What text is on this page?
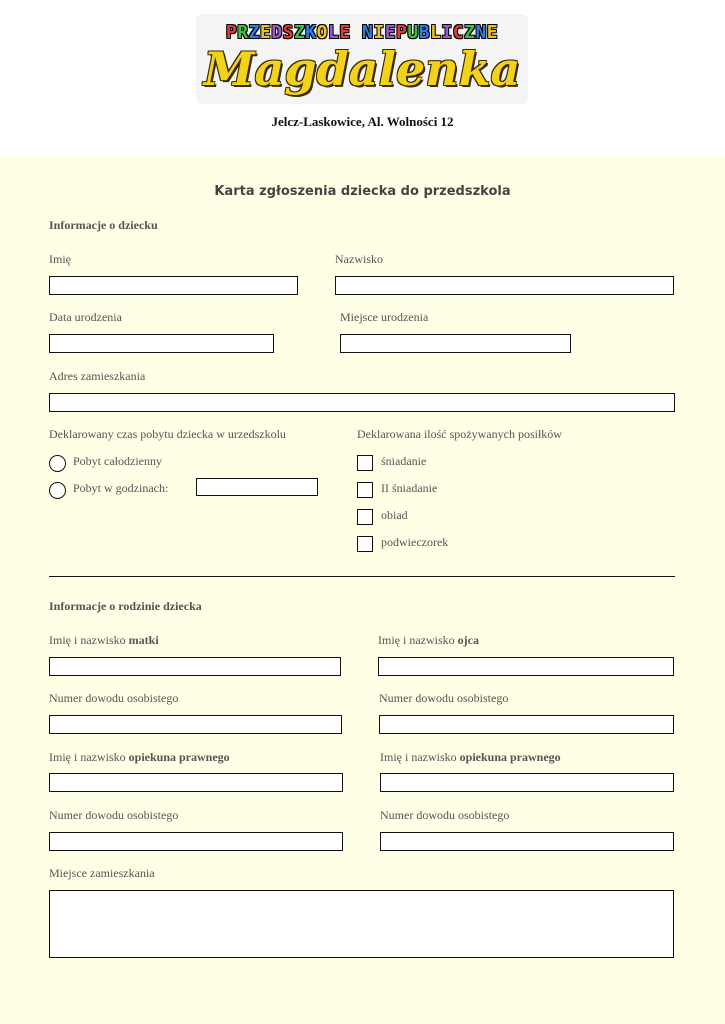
PRZEDSZKOLE NIEPUBLICZNE
Magdalenka
Jelcz-Laskowice, Al. Wolności 12
Karta zgłoszenia dziecka do przedszkola
Informacje o dziecku
Imię	Nazwisko
Data urodzenia	Miejsce urodzenia
Adres zamieszkania
Deklarowany czas pobytu dziecka w urzedszkolu
Pobyt całodzienny
Pobyt w godzinach:
Deklarowana ilość spożywanych posiłków
śniadanie
II śniadanie
obiad
podwieczorek
Informacje o rodzinie dziecka
Imię i nazwisko matki	Imię i nazwisko ojca
Numer dowodu osobistego	Numer dowodu osobistego
Imię i nazwisko opiekuna prawnego	Imię i nazwisko opiekuna prawnego
Numer dowodu osobistego	Numer dowodu osobistego
Miejsce zamieszkania
